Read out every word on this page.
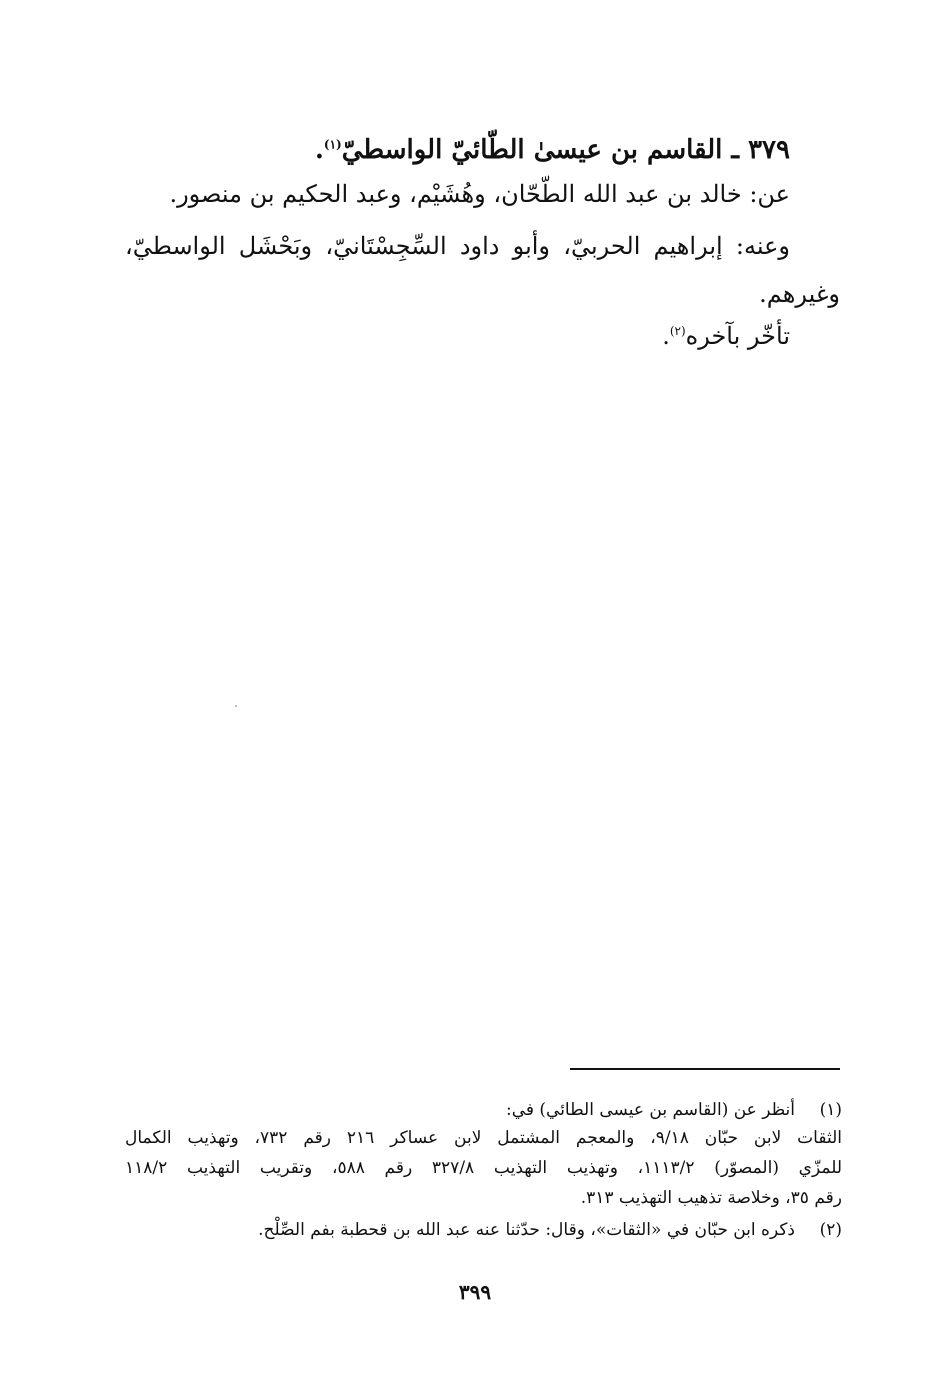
٣٧٩ ـ القاسم بن عيسىٰ الطّائيّ الواسطيّ$^{(١)}$.
عن: خالد بن عبد الله الطّحّان، وهُشَيْم، وعبد الحكيم بن منصور.
وعنه: إبراهيم الحربيّ، وأبو داود السِّجِسْتَانيّ، وبَحْشَل الواسطيّ،
وغيرهم.
تأخّر بآخره$^{(٢)}$.
(١)
أنظر عن (القاسم بن عيسى الطائي) في:
الثقات لابن حبّان ٩/١٨، والمعجم المشتمل لابن عساكر ٢١٦ رقم ٧٣٢، وتهذيب الكمال
للمزّي (المصوّر) ١١١٣/٢، وتهذيب التهذيب ٣٢٧/٨ رقم ٥٨٨، وتقريب التهذيب ١١٨/٢
رقم ٣٥، وخلاصة تذهيب التهذيب ٣١٣.
(٢)
ذكره ابن حبّان في «الثقات»، وقال: حدّثنا عنه عبد الله بن قحطبة بفم الصِّلْح.
٣٩٩
